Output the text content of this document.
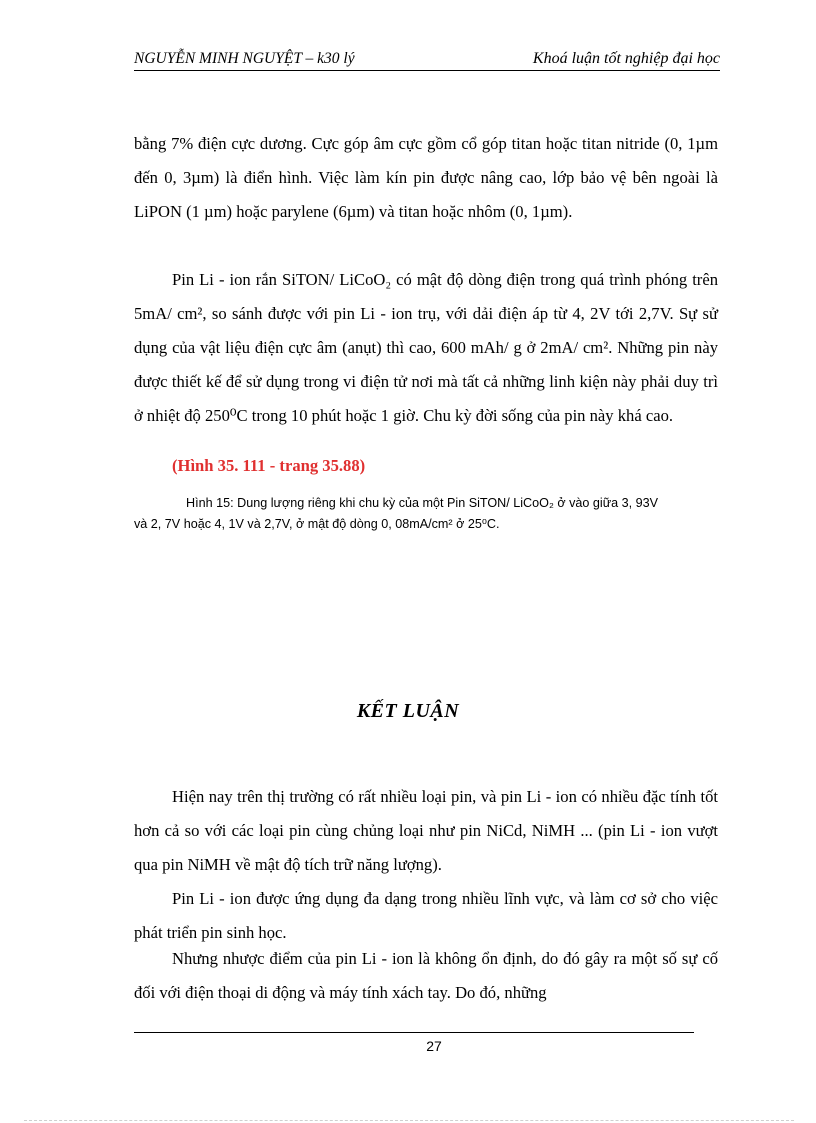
NGUYỄN MINH NGUYỆT – k30 lý	Khoá luận tốt nghiệp đại học

bằng 7% điện cực dương. Cực góp âm cực gồm cổ góp titan hoặc titan nitride (0, 1µm đến 0, 3µm) là điển hình. Việc làm kín pin được nâng cao, lớp bảo vệ bên ngoài là LiPON (1 µm) hoặc parylene (6µm) và titan hoặc nhôm (0, 1µm).

Pin Li - ion rắn SiTON/ LiCoO₂ có mật độ dòng điện trong quá trình phóng trên 5mA/ cm², so sánh được với pin Li - ion trụ, với dải điện áp từ 4, 2V tới 2,7V. Sự sử dụng của vật liệu điện cực âm (anụt) thì cao, 600 mAh/ g ở 2mA/ cm². Những pin này được thiết kế để sử dụng trong vi điện tử nơi mà tất cả những linh kiện này phải duy trì ở nhiệt độ 250⁰C trong 10 phút hoặc 1 giờ. Chu kỳ đời sống của pin này khá cao.

(Hình 35. 111 - trang 35.88)

Hình 15: Dung lượng riêng khi chu kỳ của một Pin SiTON/ LiCoO₂ ở vào giữa 3, 93V
và 2, 7V hoặc 4, 1V và 2,7V, ở mật độ dòng 0, 08mA/cm² ở 25⁰C.

KẾT LUẬN

Hiện nay trên thị trường có rất nhiều loại pin, và pin Li - ion có nhiều đặc tính tốt hơn cả so với các loại pin cùng chủng loại như pin NiCd, NiMH ... (pin Li - ion vượt qua pin NiMH về mật độ tích trữ năng lượng).

Pin Li - ion được ứng dụng đa dạng trong nhiều lĩnh vực, và làm cơ sở cho việc phát triển pin sinh học.

Nhưng nhược điểm của pin Li - ion là không ổn định, do đó gây ra một số sự cố đối với điện thoại di động và máy tính xách tay. Do đó, những

27
